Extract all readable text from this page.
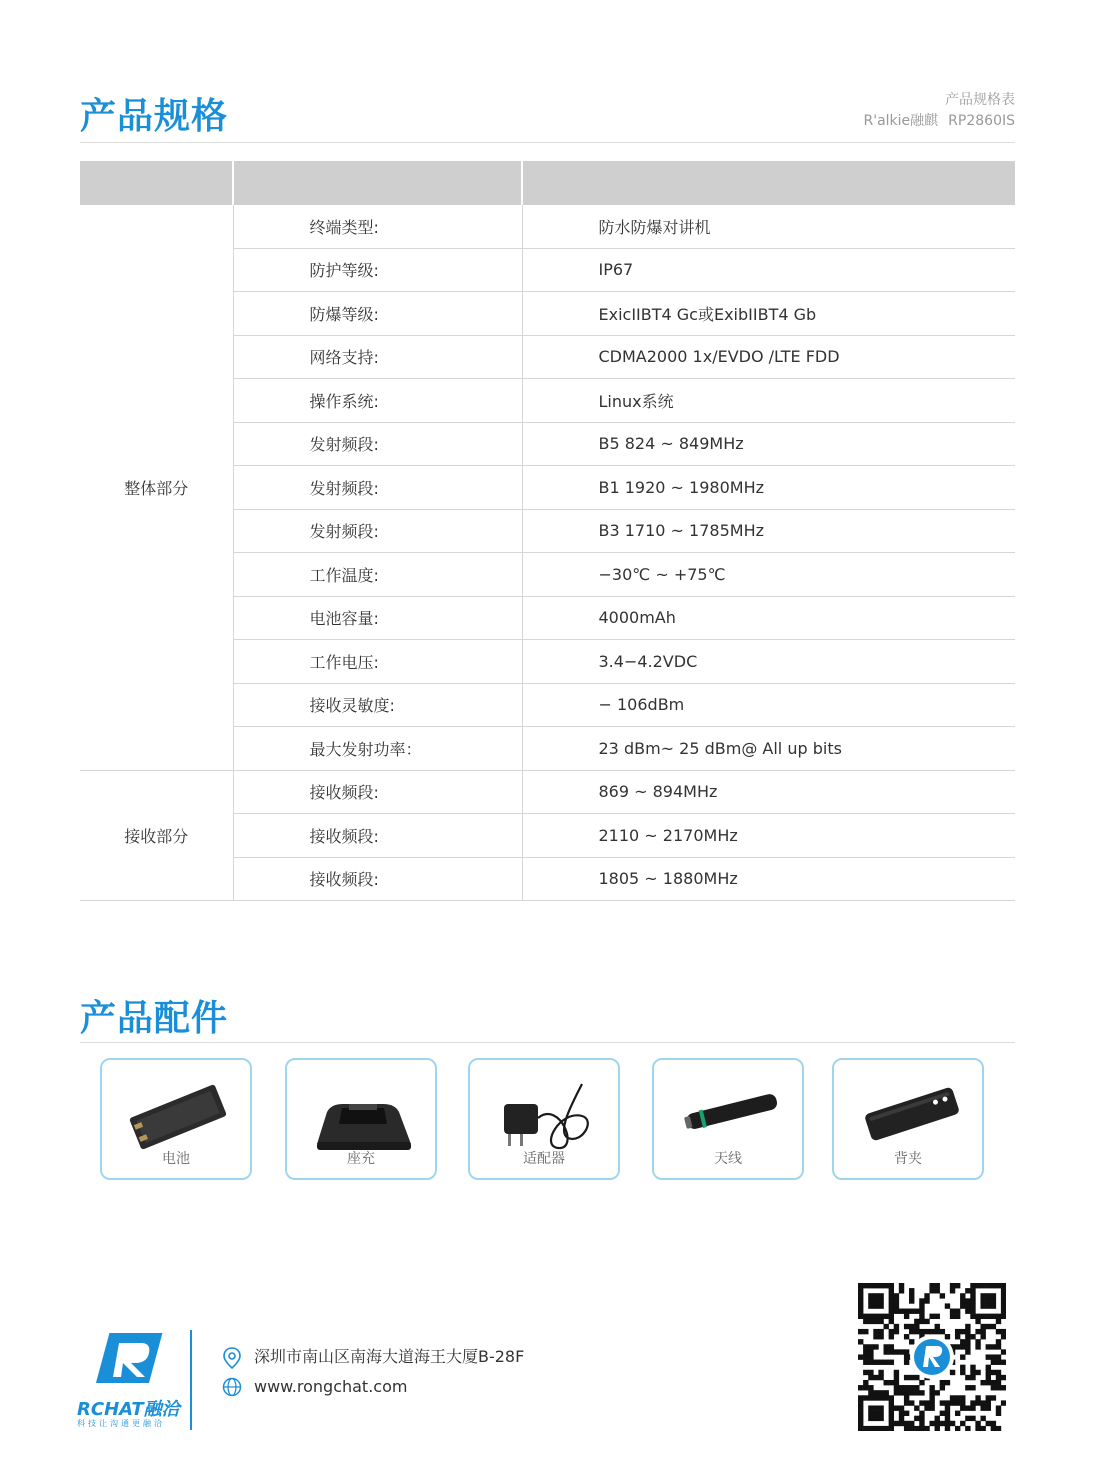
产品规格	产品规格表
R'alkie融麒 RP2860IS

整体部分	终端类型:	防水防爆对讲机
	防护等级:	IP67
	防爆等级:	ExicIIBT4 Gc或ExibIIBT4 Gb
	网络支持:	CDMA2000 1x/EVDO /LTE FDD
	操作系统:	Linux系统
	发射频段:	B5 824 ~ 849MHz
	发射频段:	B1 1920 ~ 1980MHz
	发射频段:	B3 1710 ~ 1785MHz
	工作温度:	−30℃ ~ +75℃
	电池容量:	4000mAh
	工作电压:	3.4−4.2VDC
	接收灵敏度:	− 106dBm
	最大发射功率：	23 dBm~ 25 dBm@ All up bits
接收部分	接收频段:	869 ~ 894MHz
	接收频段:	2110 ~ 2170MHz
	接收频段:	1805 ~ 1880MHz
产品配件
电池	座充	适配器	天线	背夹
RCHAT融洽
科技让沟通更融洽
深圳市南山区南海大道海王大厦B-28F
www.rongchat.com
